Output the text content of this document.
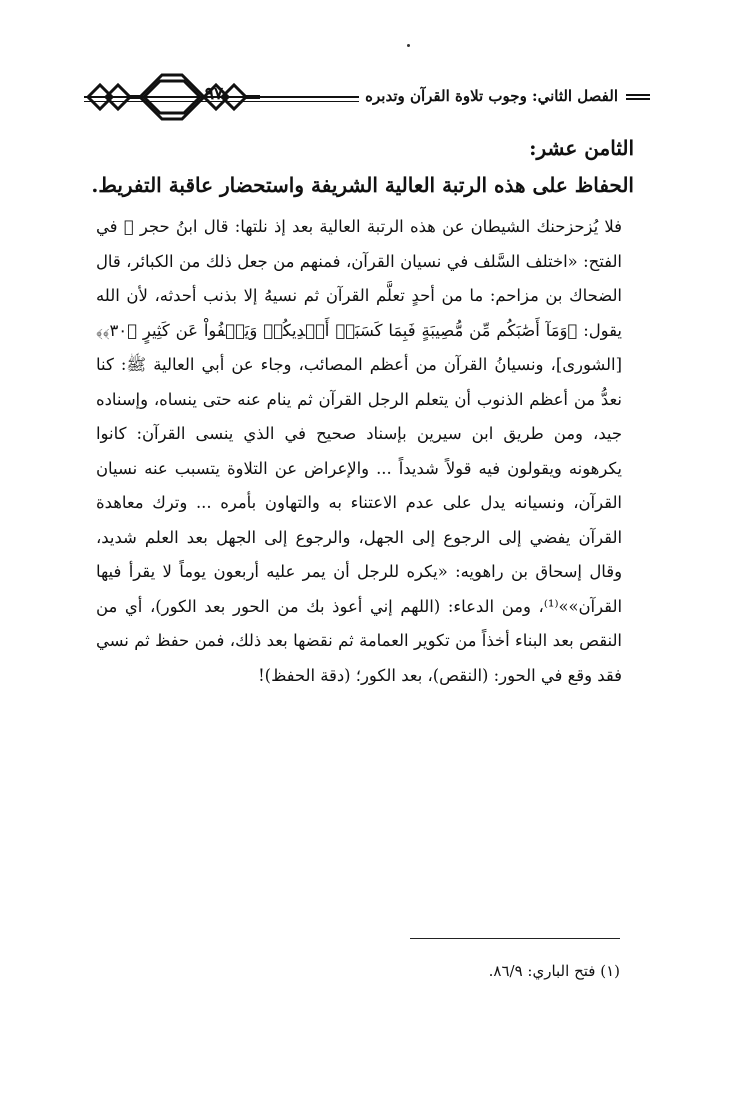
٩٧	الفصل الثاني: وجوب تلاوة القرآن وتدبره
الثامن عشر:
الحفاظ على هذه الرتبة العالية الشريفة واستحضار عاقبة التفريط.

فلا يُزحزحنك الشيطان عن هذه الرتبة العالية بعد إذ نلتها: قال ابنُ حجر ﷺ في الفتح: «اختلف السَّلف في نسيان القرآن، فمنهم من جعل ذلك من الكبائر، قال الضحاك بن مزاحم: ما من أحدٍ تعلَّم القرآن ثم نسيهُ إلا بذنب أحدثه، لأن الله يقول: ﴿وَمَآ أَصَٰبَكُم مِّن مُّصِيبَةٍ فَبِمَا كَسَبَتۡ أَيۡدِيكُمۡ وَيَعۡفُواْ عَن كَثِيرٍ ﴿٣٠﴾﴾ [الشورى]، ونسيانُ القرآن من أعظم المصائب، وجاء عن أبي العالية ﷺ: كنا نعدُّ من أعظم الذنوب أن يتعلم الرجل القرآن ثم ينام عنه حتى ينساه، وإسناده جيد، ومن طريق ابن سيرين بإسناد صحيح في الذي ينسى القرآن: كانوا يكرهونه ويقولون فيه قولاً شديداً ... والإعراض عن التلاوة يتسبب عنه نسيان القرآن، ونسيانه يدل على عدم الاعتناء به والتهاون بأمره ... وترك معاهدة القرآن يفضي إلى الرجوع إلى الجهل، والرجوع إلى الجهل بعد العلم شديد، وقال إسحاق بن راهويه: «يكره للرجل أن يمر عليه أربعون يوماً لا يقرأ فيها القرآن»»⁽¹⁾، ومن الدعاء: (اللهم إني أعوذ بك من الحور بعد الكور)، أي من النقص بعد البناء أخذاً من تكوير العمامة ثم نقضها بعد ذلك، فمن حفظ ثم نسي فقد وقع في الحور: (النقص)، بعد الكور؛ (دقة الحفظ)!

(١) فتح الباري: ٨٦/٩.
